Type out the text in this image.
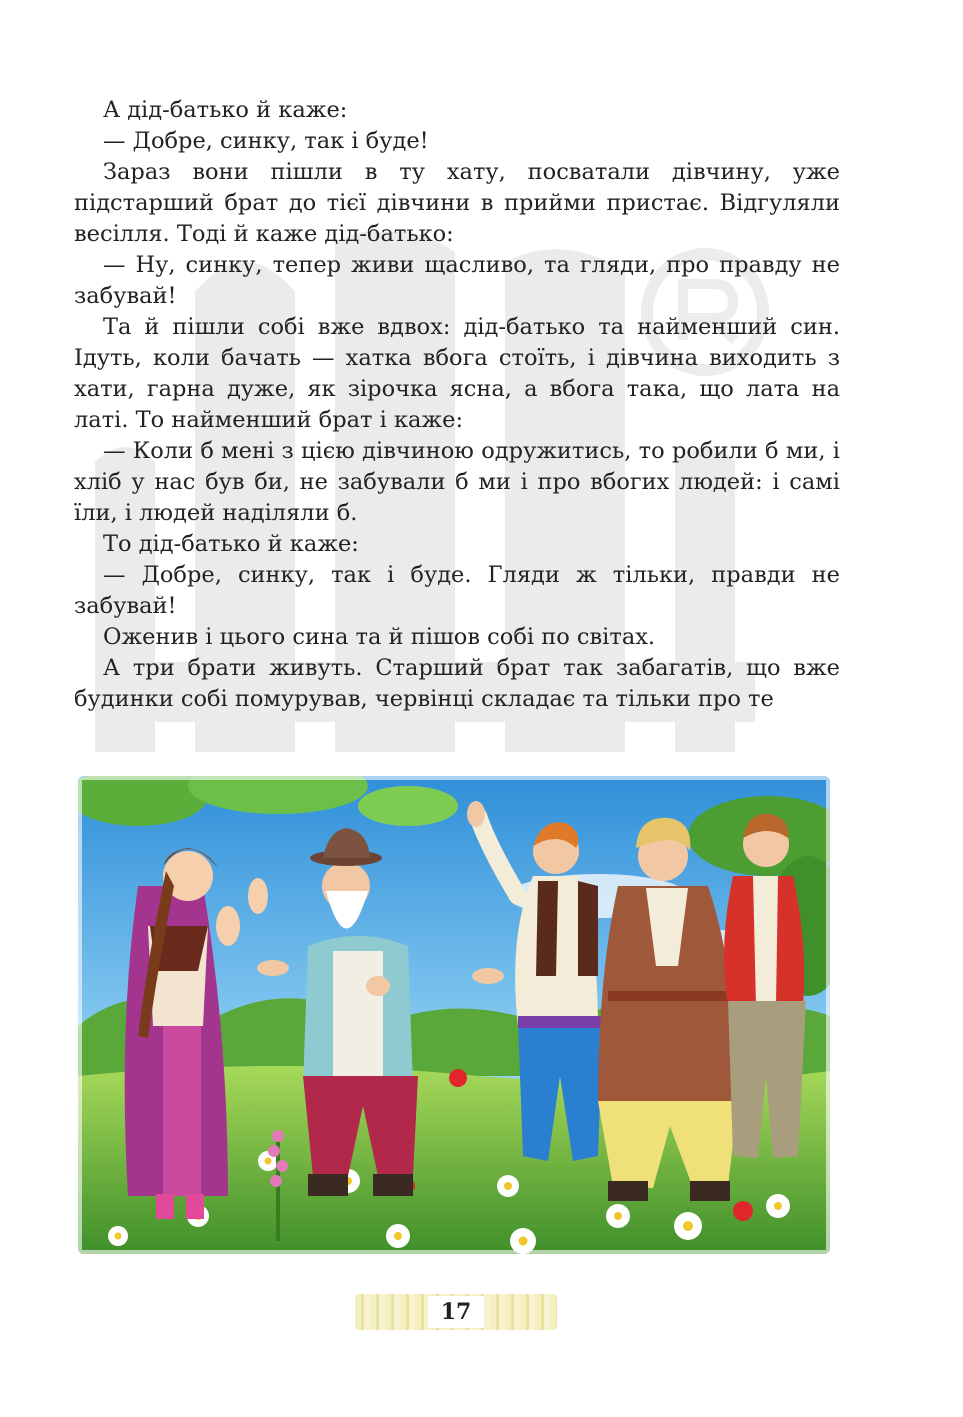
А дід-батько й каже:

— Добре, синку, так і буде!

Зараз вони пішли в ту хату, посватали дівчину, уже підстарший брат до тієї дівчини в прийми пристає. Відгуляли весілля. Тоді й каже дід-батько:

— Ну, синку, тепер живи щасливо, та гляди, про правду не забувай!

Та й пішли собі вже вдвох: дід-батько та найменший син. Ідуть, коли бачать — хатка вбога стоїть, і дівчина виходить з хати, гарна дуже, як зірочка ясна, а вбога така, що лата на латі. То найменший брат і каже:

— Коли б мені з цією дівчиною одружитись, то робили б ми, і хліб у нас був би, не забували б ми і про вбогих людей: і самі їли, і людей наділяли б.

То дід-батько й каже:

— Добре, синку, так і буде. Гляди ж тільки, правди не забувай!

Оженив і цього сина та й пішов собі по світах.

А три брати живуть. Старший брат так забагатів, що вже будинки собі помурував, червінці складає та тільки про те

17
